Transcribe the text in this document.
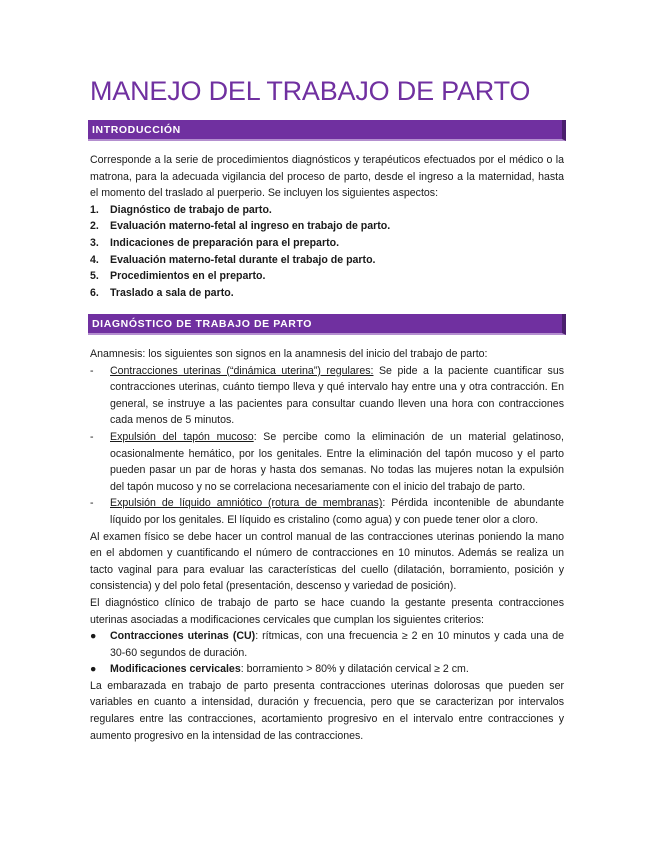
MANEJO DEL TRABAJO DE PARTO
INTRODUCCIÓN

Corresponde a la serie de procedimientos diagnósticos y terapéuticos efectuados por el médico o la matrona, para la adecuada vigilancia del proceso de parto, desde el ingreso a la maternidad, hasta el momento del traslado al puerperio. Se incluyen los siguientes aspectos:

1. Diagnóstico de trabajo de parto.
2. Evaluación materno-fetal al ingreso en trabajo de parto.
3. Indicaciones de preparación para el preparto.
4. Evaluación materno-fetal durante el trabajo de parto.
5. Procedimientos en el preparto.
6. Traslado a sala de parto.
DIAGNÓSTICO DE TRABAJO DE PARTO

Anamnesis: los siguientes son signos en la anamnesis del inicio del trabajo de parto:

- Contracciones uterinas (“dinámica uterina”) regulares: Se pide a la paciente cuantificar sus contracciones uterinas, cuánto tiempo lleva y qué intervalo hay entre una y otra contracción. En general, se instruye a las pacientes para consultar cuando lleven una hora con contracciones cada menos de 5 minutos.
- Expulsión del tapón mucoso: Se percibe como la eliminación de un material gelatinoso, ocasionalmente hemático, por los genitales. Entre la eliminación del tapón mucoso y el parto pueden pasar un par de horas y hasta dos semanas. No todas las mujeres notan la expulsión del tapón mucoso y no se correlaciona necesariamente con el inicio del trabajo de parto.
- Expulsión de líquido amniótico (rotura de membranas): Pérdida incontenible de abundante líquido por los genitales. El líquido es cristalino (como agua) y con puede tener olor a cloro.

Al examen físico se debe hacer un control manual de las contracciones uterinas poniendo la mano en el abdomen y cuantificando el número de contracciones en 10 minutos. Además se realiza un tacto vaginal para para evaluar las características del cuello (dilatación, borramiento, posición y consistencia) y del polo fetal (presentación, descenso y variedad de posición).

El diagnóstico clínico de trabajo de parto se hace cuando la gestante presenta contracciones uterinas asociadas a modificaciones cervicales que cumplan los siguientes criterios:

● Contracciones uterinas (CU): rítmicas, con una frecuencia ≥ 2 en 10 minutos y cada una de 30-60 segundos de duración.
● Modificaciones cervicales: borramiento > 80% y dilatación cervical ≥ 2 cm.

La embarazada en trabajo de parto presenta contracciones uterinas dolorosas que pueden ser variables en cuanto a intensidad, duración y frecuencia, pero que se caracterizan por intervalos regulares entre las contracciones, acortamiento progresivo en el intervalo entre contracciones y aumento progresivo en la intensidad de las contracciones.
